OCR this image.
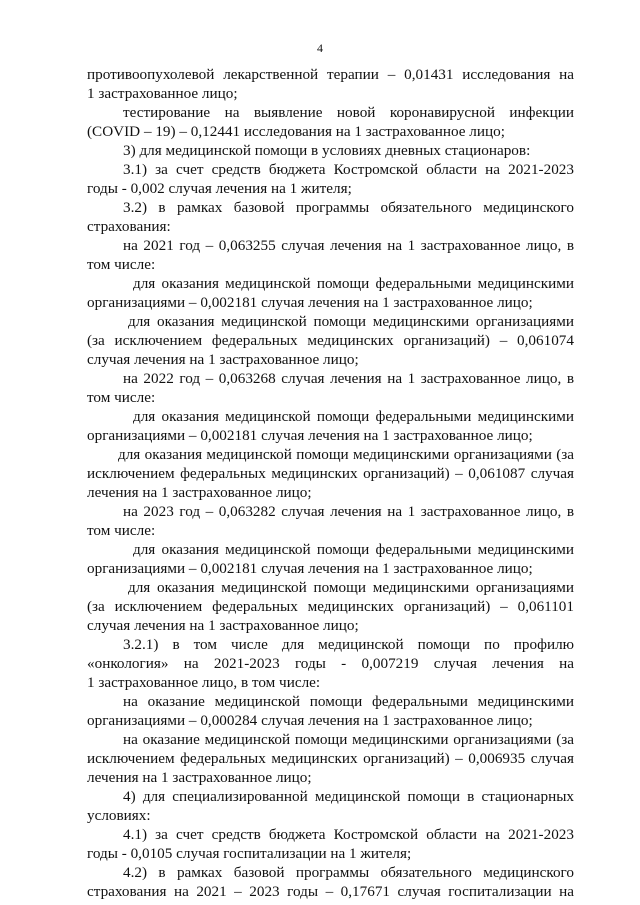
4
противоопухолевой лекарственной терапии – 0,01431 исследования на
1 застрахованное лицо;
тестирование на выявление новой коронавирусной инфекции
(COVID – 19) – 0,12441 исследования на 1 застрахованное лицо;
3) для медицинской помощи в условиях дневных стационаров:
3.1) за счет средств бюджета Костромской области на 2021-2023
годы - 0,002 случая лечения на 1 жителя;
3.2) в рамках базовой программы обязательного медицинского
страхования:
на 2021 год – 0,063255 случая лечения на 1 застрахованное лицо, в
том числе:
для оказания медицинской помощи федеральными медицинскими
организациями – 0,002181 случая лечения на 1 застрахованное лицо;
для оказания медицинской помощи медицинскими организациями
(за исключением федеральных медицинских организаций) – 0,061074
случая лечения на 1 застрахованное лицо;
на 2022 год – 0,063268 случая лечения на 1 застрахованное лицо, в
том числе:
для оказания медицинской помощи федеральными медицинскими
организациями – 0,002181 случая лечения на 1 застрахованное лицо;
для оказания медицинской помощи медицинскими организациями (за
исключением федеральных медицинских организаций) – 0,061087 случая
лечения на 1 застрахованное лицо;
на 2023 год – 0,063282 случая лечения на 1 застрахованное лицо, в
том числе:
для оказания медицинской помощи федеральными медицинскими
организациями – 0,002181 случая лечения на 1 застрахованное лицо;
для оказания медицинской помощи медицинскими организациями
(за исключением федеральных медицинских организаций) – 0,061101
случая лечения на 1 застрахованное лицо;
3.2.1) в том числе для медицинской помощи по профилю
«онкология» на 2021-2023 годы - 0,007219 случая лечения на
1 застрахованное лицо, в том числе:
на оказание медицинской помощи федеральными медицинскими
организациями – 0,000284 случая лечения на 1 застрахованное лицо;
на оказание медицинской помощи медицинскими организациями (за
исключением федеральных медицинских организаций) – 0,006935 случая
лечения на 1 застрахованное лицо;
4) для специализированной медицинской помощи в стационарных
условиях:
4.1) за счет средств бюджета Костромской области на 2021-2023
годы - 0,0105 случая госпитализации на 1 жителя;
4.2) в рамках базовой программы обязательного медицинского
страхования на 2021 – 2023 годы – 0,17671 случая госпитализации на
